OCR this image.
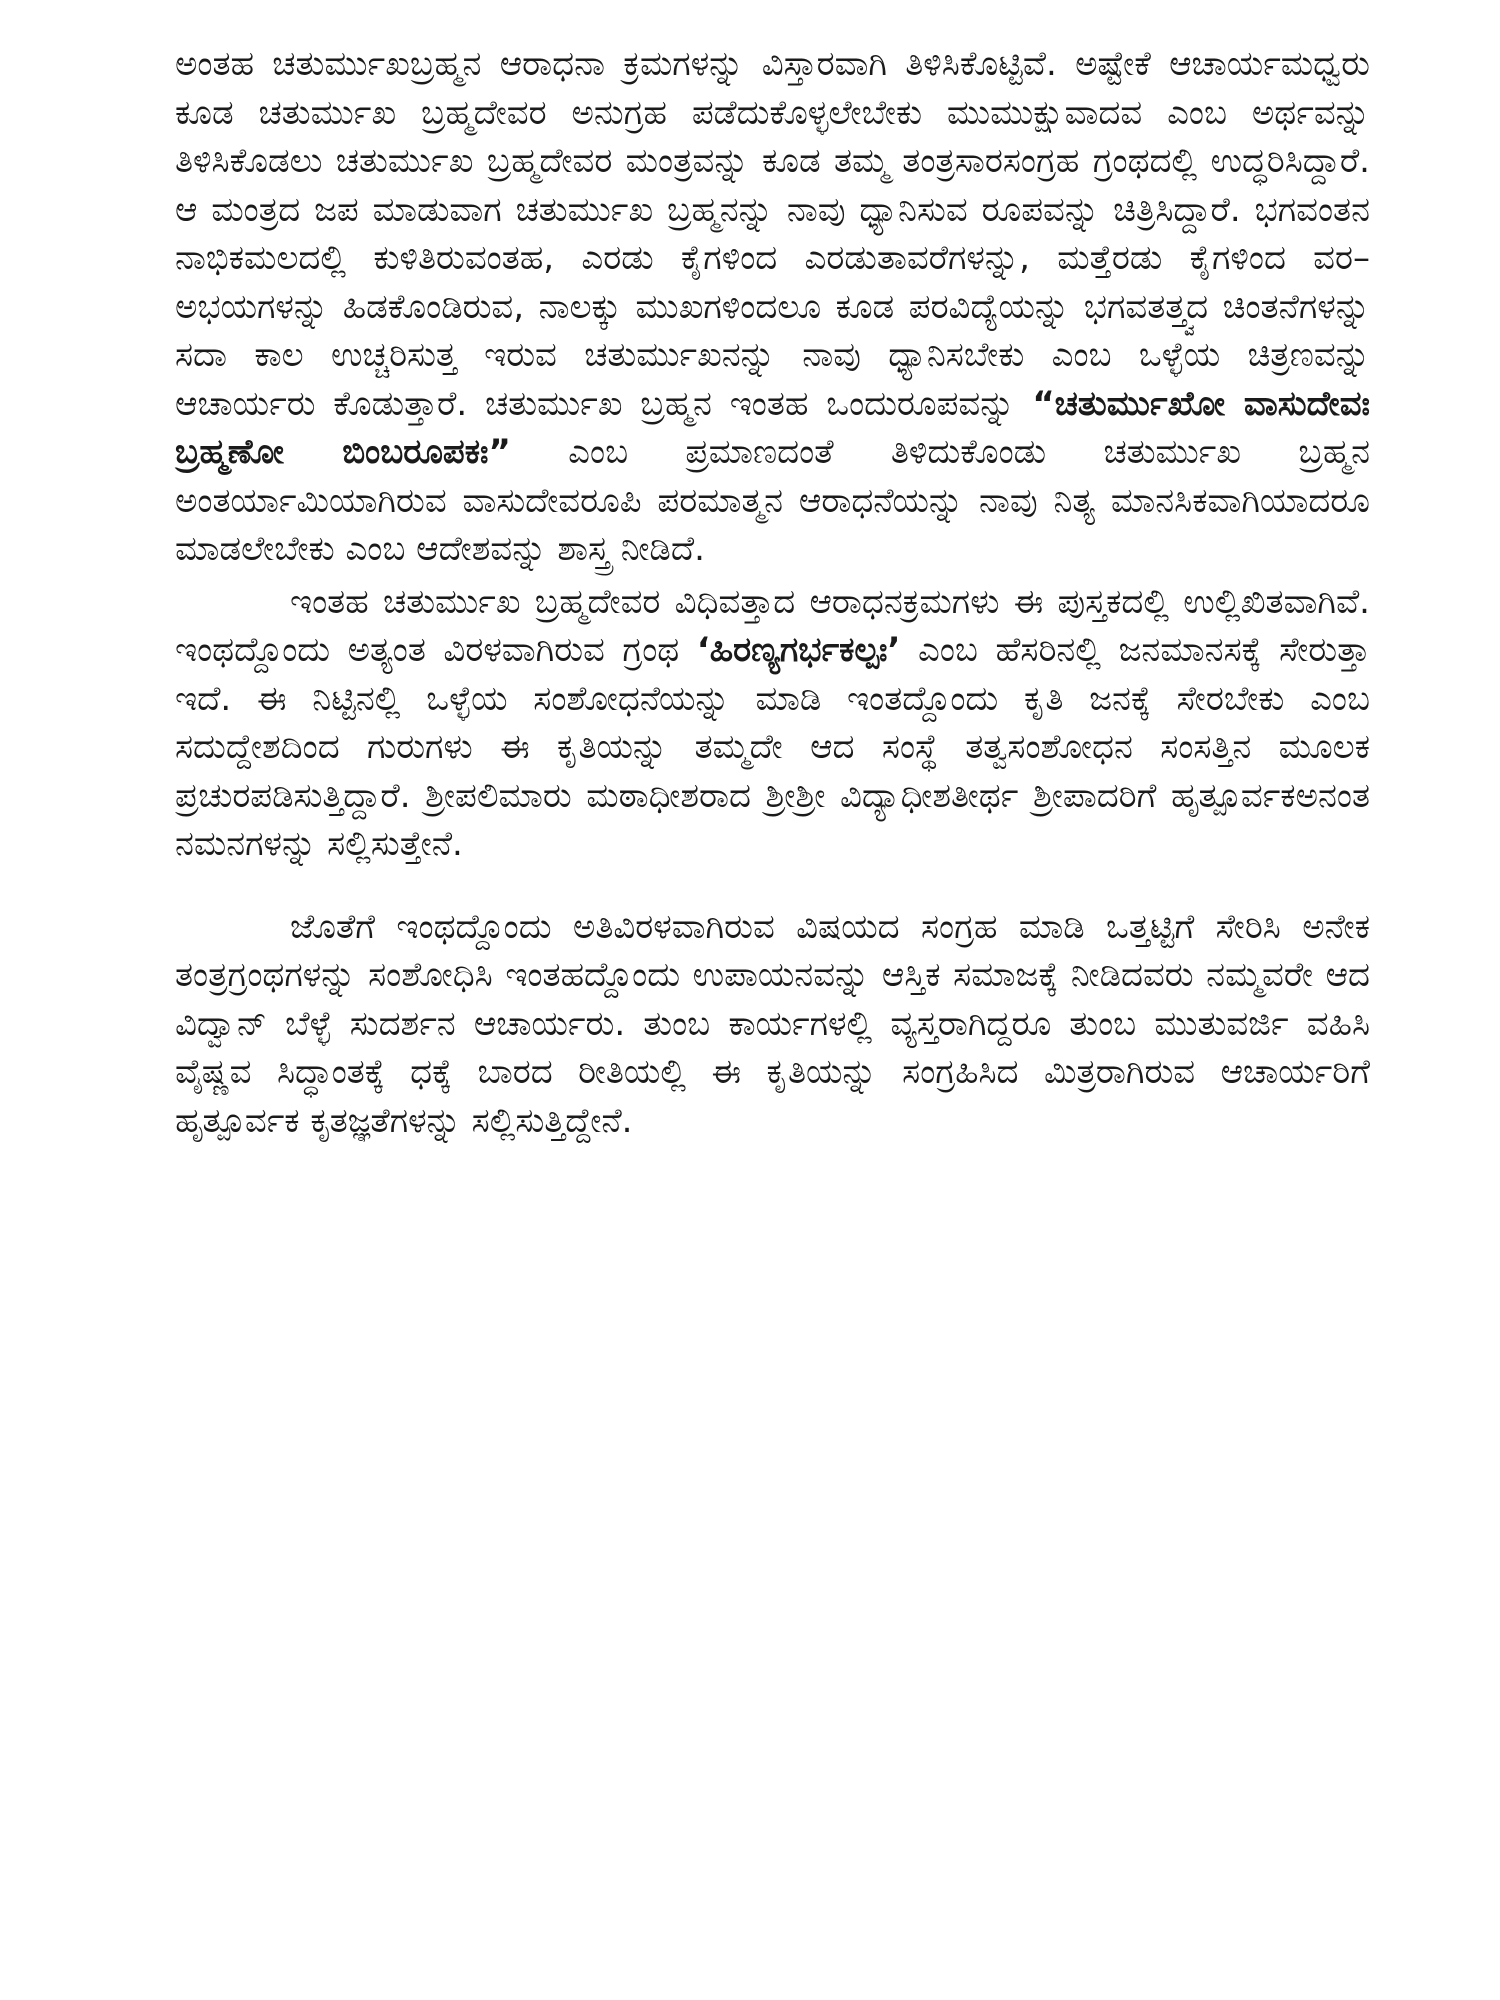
ಅಂತಹ ಚತುರ್ಮುಖಬ್ರಹ್ಮನ ಆರಾಧನಾ ಕ್ರಮಗಳನ್ನು ವಿಸ್ತಾರವಾಗಿ ತಿಳಿಸಿಕೊಟ್ಟಿವೆ. ಅಷ್ಟೇಕೆ ಆಚಾರ್ಯಮಧ್ವರು ಕೂಡ ಚತುರ್ಮುಖ ಬ್ರಹ್ಮದೇವರ ಅನುಗ್ರಹ ಪಡೆದುಕೊಳ್ಳಲೇಬೇಕು ಮುಮುಕ್ಷುವಾದವ ಎಂಬ ಅರ್ಥವನ್ನು ತಿಳಿಸಿಕೊಡಲು ಚತುರ್ಮುಖ ಬ್ರಹ್ಮದೇವರ ಮಂತ್ರವನ್ನು ಕೂಡ ತಮ್ಮ ತಂತ್ರಸಾರಸಂಗ್ರಹ ಗ್ರಂಥದಲ್ಲಿ ಉದ್ಧರಿಸಿದ್ದಾರೆ. ಆ ಮಂತ್ರದ ಜಪ ಮಾಡುವಾಗ ಚತುರ್ಮುಖ ಬ್ರಹ್ಮನನ್ನು ನಾವು ಧ್ಯಾನಿಸುವ ರೂಪವನ್ನು ಚಿತ್ರಿಸಿದ್ದಾರೆ. ಭಗವಂತನ ನಾಭಿಕಮಲದಲ್ಲಿ ಕುಳಿತಿರುವಂತಹ, ಎರಡು ಕೈಗಳಿಂದ ಎರಡುತಾವರೆಗಳನ್ನು, ಮತ್ತೆರಡು ಕೈಗಳಿಂದ ವರ–ಅಭಯಗಳನ್ನು ಹಿಡಕೊಂಡಿರುವ, ನಾಲಕ್ಕು ಮುಖಗಳಿಂದಲೂ ಕೂಡ ಪರವಿದ್ಯೆಯನ್ನು ಭಗವತತ್ತ್ವದ ಚಿಂತನೆಗಳನ್ನು ಸದಾ ಕಾಲ ಉಚ್ಚರಿಸುತ್ತ ಇರುವ ಚತುರ್ಮುಖನನ್ನು ನಾವು ಧ್ಯಾನಿಸಬೇಕು ಎಂಬ ಒಳ್ಳೆಯ ಚಿತ್ರಣವನ್ನು ಆಚಾರ್ಯರು ಕೊಡುತ್ತಾರೆ. ಚತುರ್ಮುಖ ಬ್ರಹ್ಮನ ಇಂತಹ ಒಂದುರೂಪವನ್ನು “ಚತುರ್ಮುಖೋ ವಾಸುದೇವಃ ಬ್ರಹ್ಮಣೋ ಬಿಂಬರೂಪಕಃ” ಎಂಬ ಪ್ರಮಾಣದಂತೆ ತಿಳಿದುಕೊಂಡು ಚತುರ್ಮುಖ ಬ್ರಹ್ಮನ ಅಂತರ್ಯಾಮಿಯಾಗಿರುವ ವಾಸುದೇವರೂಪಿ ಪರಮಾತ್ಮನ ಆರಾಧನೆಯನ್ನು ನಾವು ನಿತ್ಯ ಮಾನಸಿಕವಾಗಿಯಾದರೂ ಮಾಡಲೇಬೇಕು ಎಂಬ ಆದೇಶವನ್ನು ಶಾಸ್ತ್ರ ನೀಡಿದೆ.

ಇಂತಹ ಚತುರ್ಮುಖ ಬ್ರಹ್ಮದೇವರ ವಿಧಿವತ್ತಾದ ಆರಾಧನಕ್ರಮಗಳು ಈ ಪುಸ್ತಕದಲ್ಲಿ ಉಲ್ಲಿಖಿತವಾಗಿವೆ. ಇಂಥದ್ದೊಂದು ಅತ್ಯಂತ ವಿರಳವಾಗಿರುವ ಗ್ರಂಥ ‘ಹಿರಣ್ಯಗರ್ಭಕಲ್ಪಃ’ ಎಂಬ ಹೆಸರಿನಲ್ಲಿ ಜನಮಾನಸಕ್ಕೆ ಸೇರುತ್ತಾ ಇದೆ. ಈ ನಿಟ್ಟಿನಲ್ಲಿ ಒಳ್ಳೆಯ ಸಂಶೋಧನೆಯನ್ನು ಮಾಡಿ ಇಂತದ್ದೊಂದು ಕೃತಿ ಜನಕ್ಕೆ ಸೇರಬೇಕು ಎಂಬ ಸದುದ್ದೇಶದಿಂದ ಗುರುಗಳು ಈ ಕೃತಿಯನ್ನು ತಮ್ಮದೇ ಆದ ಸಂಸ್ಥೆ ತತ್ವಸಂಶೋಧನ ಸಂಸತ್ತಿನ ಮೂಲಕ ಪ್ರಚುರಪಡಿಸುತ್ತಿದ್ದಾರೆ. ಶ್ರೀಪಲಿಮಾರು ಮಠಾಧೀಶರಾದ ಶ್ರೀಶ್ರೀ ವಿದ್ಯಾಧೀಶತೀರ್ಥ ಶ್ರೀಪಾದರಿಗೆ ಹೃತ್ಪೂರ್ವಕಅನಂತ ನಮನಗಳನ್ನು ಸಲ್ಲಿಸುತ್ತೇನೆ.

ಜೊತೆಗೆ ಇಂಥದ್ದೊಂದು ಅತಿವಿರಳವಾಗಿರುವ ವಿಷಯದ ಸಂಗ್ರಹ ಮಾಡಿ ಒತ್ತಟ್ಟಿಗೆ ಸೇರಿಸಿ ಅನೇಕ ತಂತ್ರಗ್ರಂಥಗಳನ್ನು ಸಂಶೋಧಿಸಿ ಇಂತಹದ್ದೊಂದು ಉಪಾಯನವನ್ನು ಆಸ್ತಿಕ ಸಮಾಜಕ್ಕೆ ನೀಡಿದವರು ನಮ್ಮವರೇ ಆದ ವಿದ್ವಾನ್ ಬೆಳ್ಳೆ ಸುದರ್ಶನ ಆಚಾರ್ಯರು. ತುಂಬ ಕಾರ್ಯಗಳಲ್ಲಿ ವ್ಯಸ್ತರಾಗಿದ್ದರೂ ತುಂಬ ಮುತುವರ್ಜಿ ವಹಿಸಿ ವೈಷ್ಣವ ಸಿದ್ಧಾಂತಕ್ಕೆ ಧಕ್ಕೆ ಬಾರದ ರೀತಿಯಲ್ಲಿ ಈ ಕೃತಿಯನ್ನು ಸಂಗ್ರಹಿಸಿದ ಮಿತ್ರರಾಗಿರುವ ಆಚಾರ್ಯರಿಗೆ ಹೃತ್ಪೂರ್ವಕ ಕೃತಜ್ಞತೆಗಳನ್ನು ಸಲ್ಲಿಸುತ್ತಿದ್ದೇನೆ.
